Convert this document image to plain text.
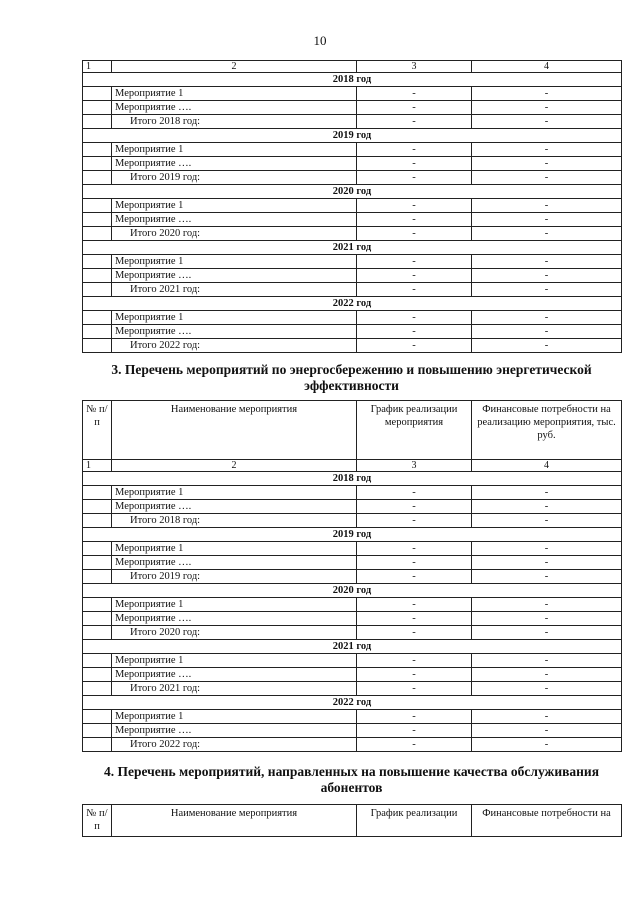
10
1	2	3	4
2018 год			
	Мероприятие 1	-	-
	Мероприятие ….	-	-
	Итого 2018 год:	-	-
2019 год			
	Мероприятие 1	-	-
	Мероприятие ….	-	-
	Итого 2019 год:	-	-
2020 год			
	Мероприятие 1	-	-
	Мероприятие ….	-	-
	Итого 2020 год:	-	-
2021 год			
	Мероприятие 1	-	-
	Мероприятие ….	-	-
	Итого 2021 год:	-	-
2022 год			
	Мероприятие 1	-	-
	Мероприятие ….	-	-
	Итого 2022 год:	-	-
3. Перечень мероприятий по энергосбережению и повышению энергетической эффективности
№ п/п	Наименование мероприятия	График реализации мероприятия	Финансовые потребности на реализацию мероприятия, тыс. руб.
1	2	3	4
2018 год			
	Мероприятие 1	-	-
	Мероприятие ….	-	-
	Итого 2018 год:	-	-
2019 год			
	Мероприятие 1	-	-
	Мероприятие ….	-	-
	Итого 2019 год:	-	-
2020 год			
	Мероприятие 1	-	-
	Мероприятие ….	-	-
	Итого 2020 год:	-	-
2021 год			
	Мероприятие 1	-	-
	Мероприятие ….	-	-
	Итого 2021 год:	-	-
2022 год			
	Мероприятие 1	-	-
	Мероприятие ….	-	-
	Итого 2022 год:	-	-
4. Перечень мероприятий, направленных на повышение качества обслуживания абонентов
№ п/п	Наименование мероприятия	График реализации	Финансовые потребности на
